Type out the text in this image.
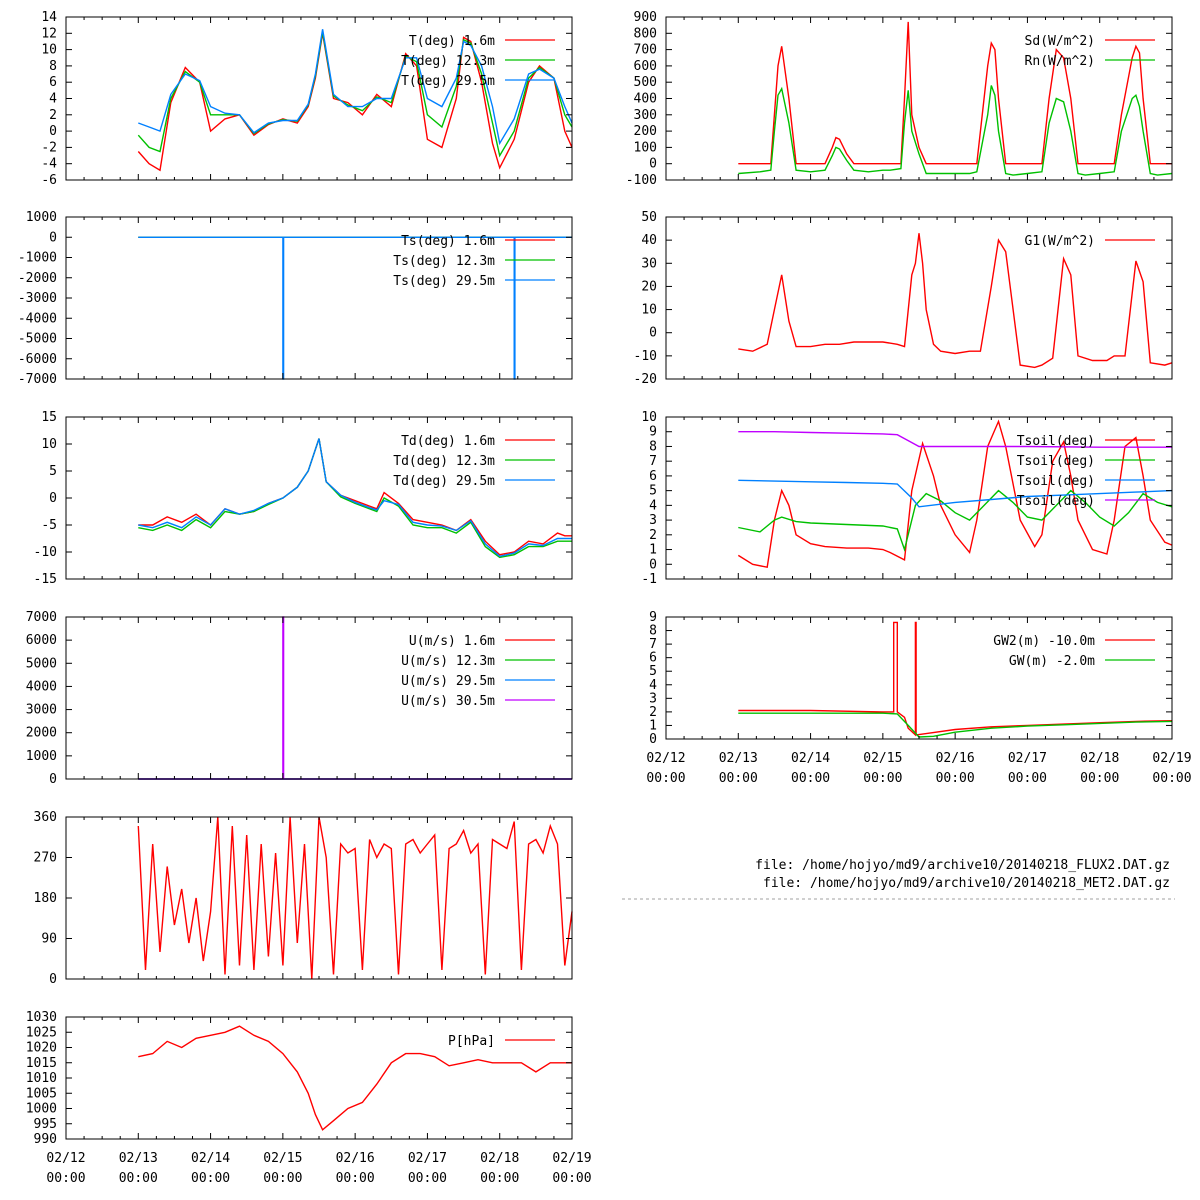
-6
-4
-2
0
2
4
6
8
10
12
14
T(deg) 1.6m
T(deg) 12.3m
T(deg) 29.5m
-100
0
100
200
300
400
500
600
700
800
900
Sd(W/m^2)
Rn(W/m^2)
-7000
-6000
-5000
-4000
-3000
-2000
-1000
0
1000
Ts(deg) 1.6m
Ts(deg) 12.3m
Ts(deg) 29.5m
-20
-10
0
10
20
30
40
50
G1(W/m^2)
-15
-10
-5
0
5
10
15
Td(deg) 1.6m
Td(deg) 12.3m
Td(deg) 29.5m
-1
0
1
2
3
4
5
6
7
8
9
10
Tsoil(deg)
Tsoil(deg)
Tsoil(deg)
Tsoil(deg)
0
1000
2000
3000
4000
5000
6000
7000
U(m/s) 1.6m
U(m/s) 12.3m
U(m/s) 29.5m
U(m/s) 30.5m
0
1
2
3
4
5
6
7
8
9
02/12
00:00
02/13
00:00
02/14
00:00
02/15
00:00
02/16
00:00
02/17
00:00
02/18
00:00
02/19
00:00
GW2(m) -10.0m
GW(m) -2.0m
0
90
180
270
360
990
995
1000
1005
1010
1015
1020
1025
1030
02/12
00:00
02/13
00:00
02/14
00:00
02/15
00:00
02/16
00:00
02/17
00:00
02/18
00:00
02/19
00:00
P[hPa]
file: /home/hojyo/md9/archive10/20140218_FLUX2.DAT.gz
file: /home/hojyo/md9/archive10/20140218_MET2.DAT.gz
